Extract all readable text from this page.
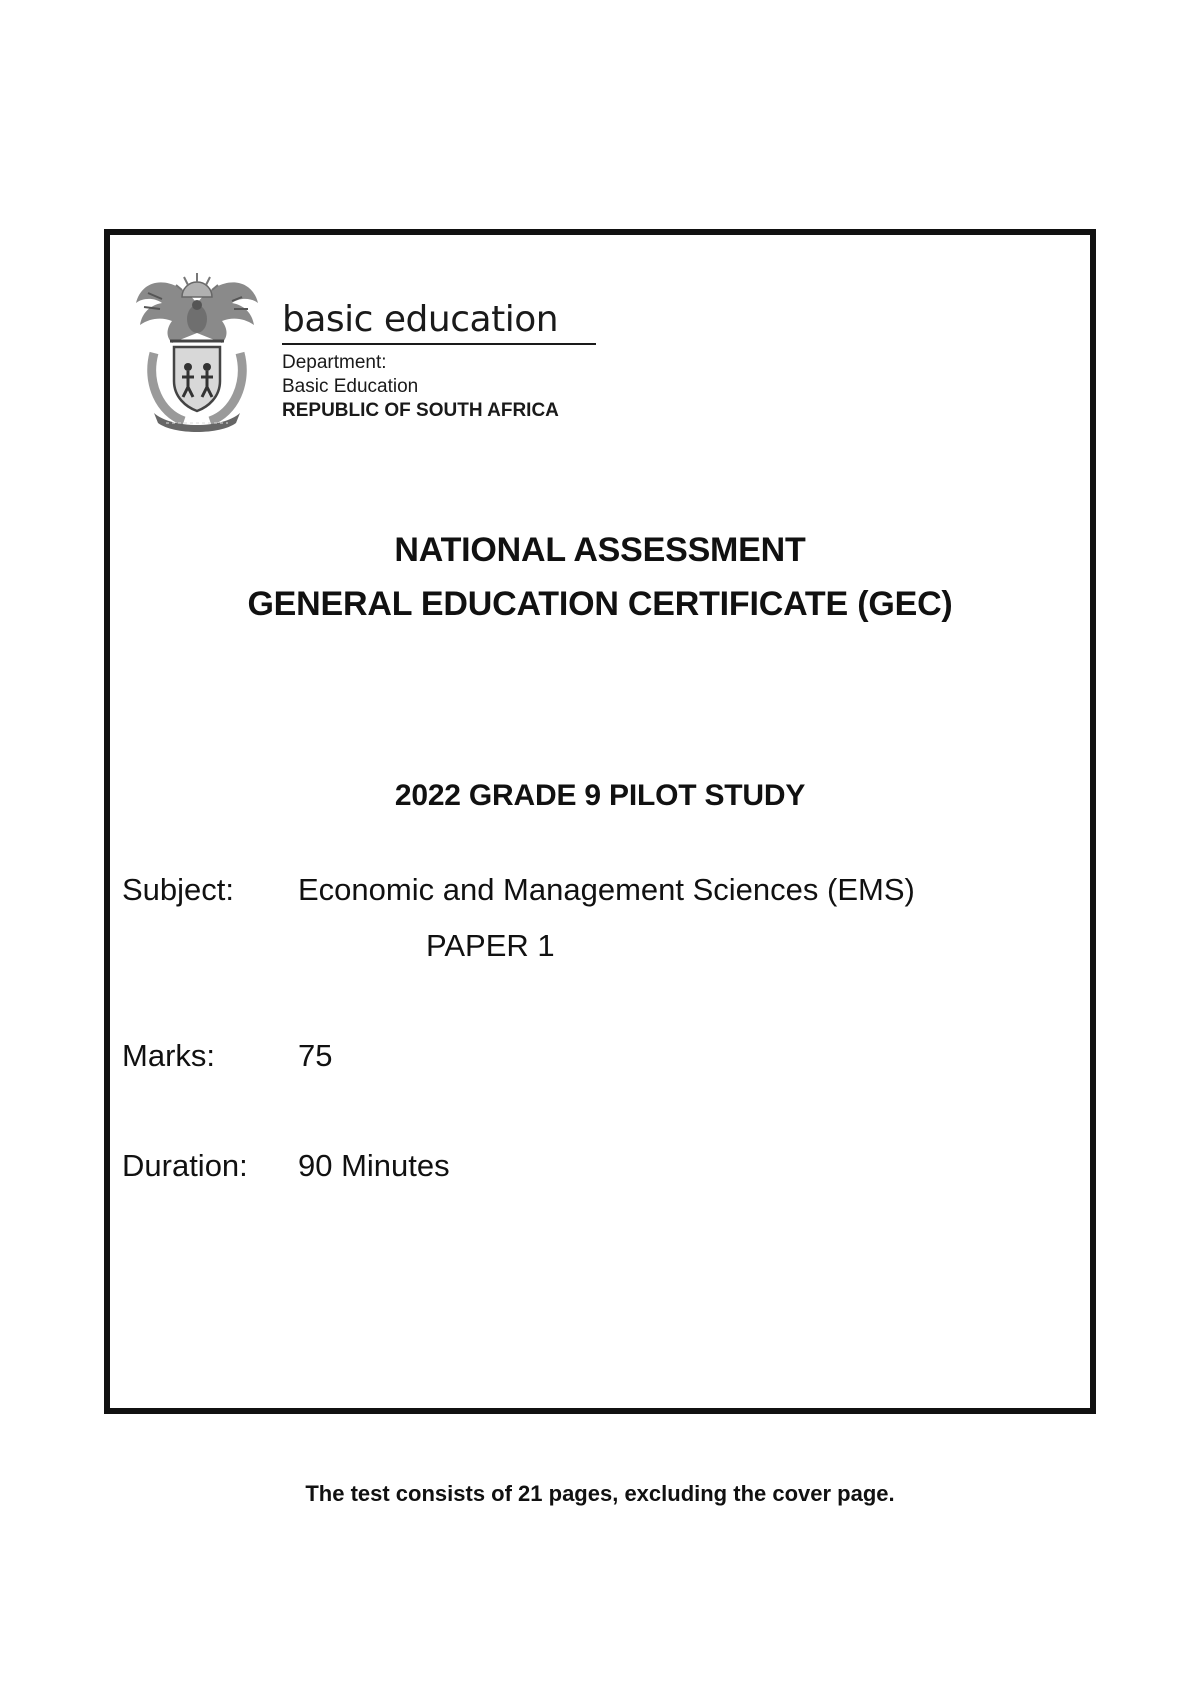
basic education
Department:
Basic Education
REPUBLIC OF SOUTH AFRICA
NATIONAL ASSESSMENT
GENERAL EDUCATION CERTIFICATE (GEC)
2022 GRADE 9 PILOT STUDY
Subject: Economic and Management Sciences (EMS)
PAPER 1
Marks:	75
Duration: 90 Minutes
The test consists of 21 pages, excluding the cover page.
